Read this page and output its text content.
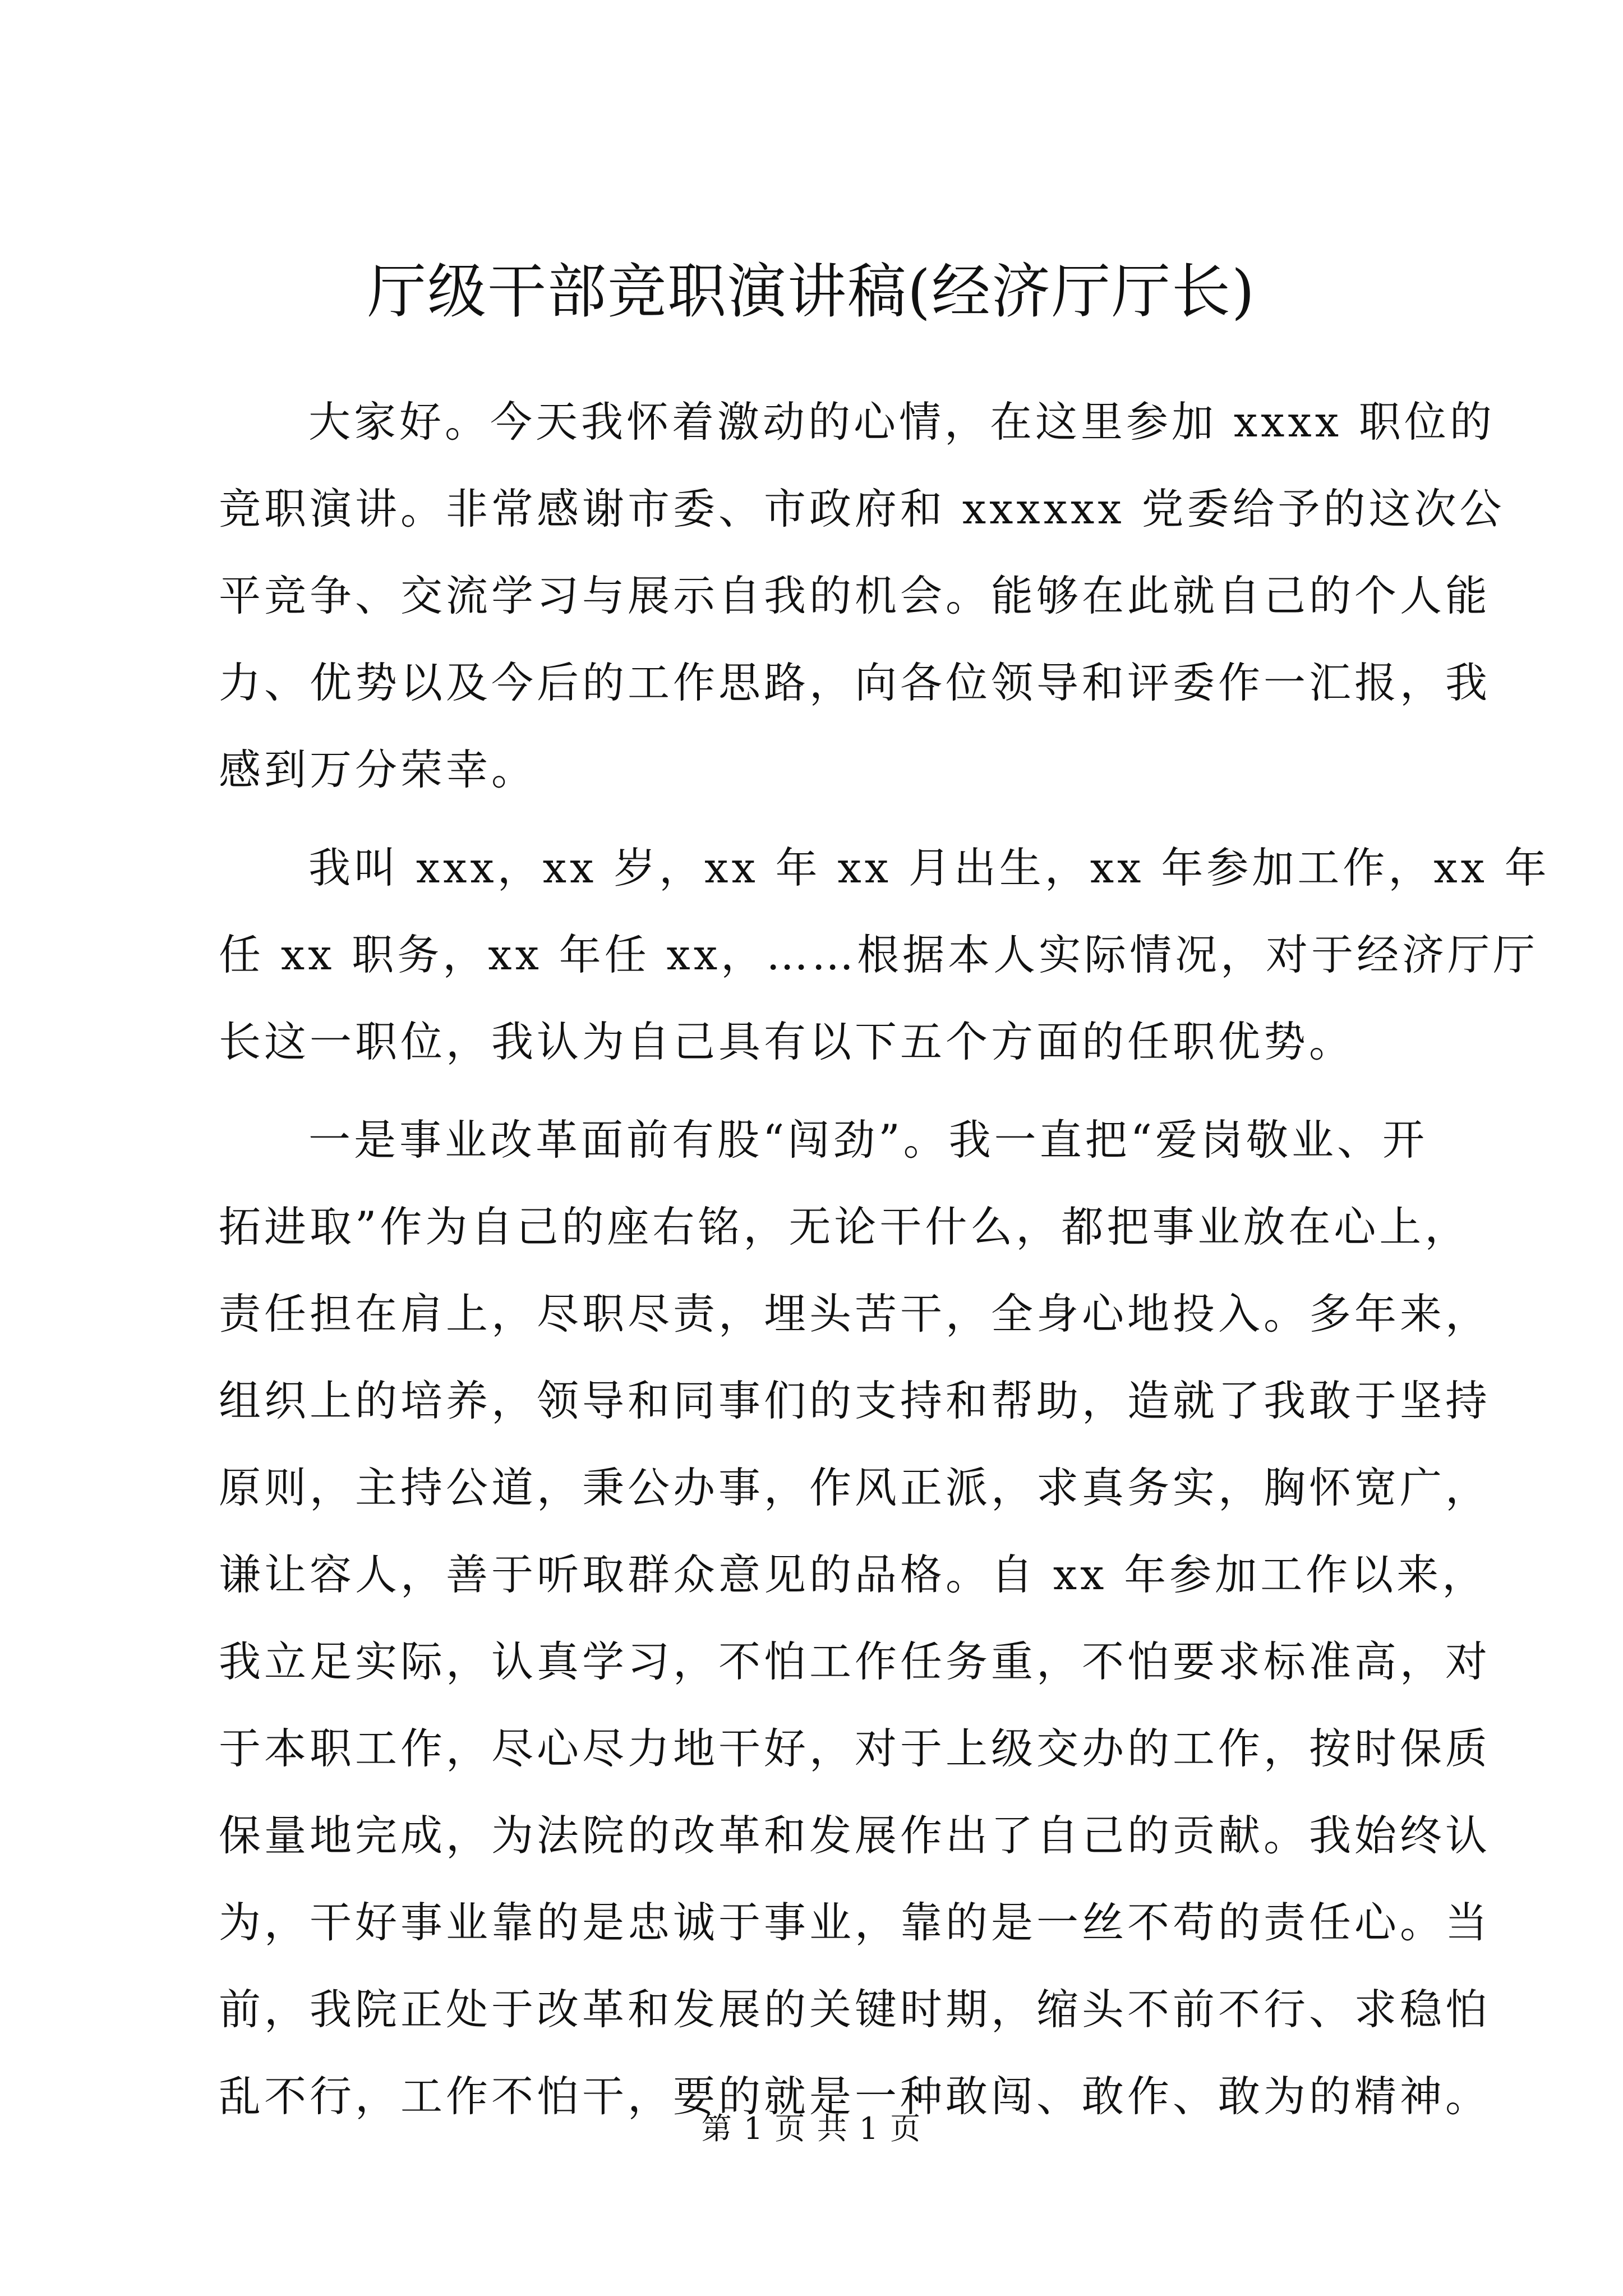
厅级干部竞职演讲稿(经济厅厅长)
大家好。今天我怀着激动的心情，在这里参加 xxxx 职位的
竞职演讲。非常感谢市委、市政府和 xxxxxx 党委给予的这次公
平竞争、交流学习与展示自我的机会。能够在此就自己的个人能
力、优势以及今后的工作思路，向各位领导和评委作一汇报，我
感到万分荣幸。
我叫 xxx，xx 岁，xx 年 xx 月出生，xx 年参加工作，xx 年
任 xx 职务，xx 年任 xx，……根据本人实际情况，对于经济厅厅
长这一职位，我认为自己具有以下五个方面的任职优势。
一是事业改革面前有股“闯劲”。我一直把“爱岗敬业、开
拓进取”作为自己的座右铭，无论干什么，都把事业放在心上，
责任担在肩上，尽职尽责，埋头苦干，全身心地投入。多年来，
组织上的培养，领导和同事们的支持和帮助，造就了我敢于坚持
原则，主持公道，秉公办事，作风正派，求真务实，胸怀宽广，
谦让容人，善于听取群众意见的品格。自 xx 年参加工作以来，
我立足实际，认真学习，不怕工作任务重，不怕要求标准高，对
于本职工作，尽心尽力地干好，对于上级交办的工作，按时保质
保量地完成，为法院的改革和发展作出了自己的贡献。我始终认
为，干好事业靠的是忠诚于事业，靠的是一丝不苟的责任心。当
前，我院正处于改革和发展的关键时期，缩头不前不行、求稳怕
乱不行，工作不怕干，要的就是一种敢闯、敢作、敢为的精神。
第 1 页 共 1 页
